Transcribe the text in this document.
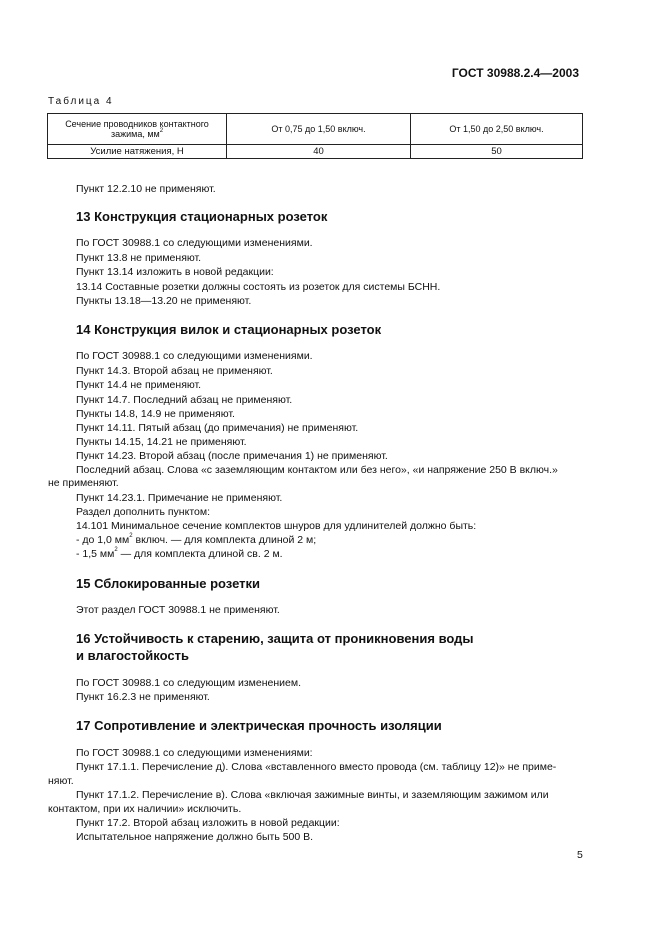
ГОСТ 30988.2.4—2003
Таблица 4
Сечение проводников контактного зажима, $мм^2$	От 0,75 до 1,50 включ.	От 1,50 до 2,50 включ.
Усилие натяжения, Н	40	50
Пункт 12.2.10 не применяют.
13 Конструкция стационарных розеток
По ГОСТ 30988.1 со следующими изменениями.
Пункт 13.8 не применяют.
Пункт 13.14 изложить в новой редакции:
13.14 Составные розетки должны состоять из розеток для системы БСНН.
Пункты 13.18—13.20 не применяют.
14 Конструкция вилок и стационарных розеток
По ГОСТ 30988.1 со следующими изменениями.
Пункт 14.3. Второй абзац не применяют.
Пункт 14.4 не применяют.
Пункт 14.7. Последний абзац не применяют.
Пункты 14.8, 14.9 не применяют.
Пункт 14.11. Пятый абзац (до примечания) не применяют.
Пункты 14.15, 14.21 не применяют.
Пункт 14.23. Второй абзац (после примечания 1) не применяют.
Последний абзац. Слова «с заземляющим контактом или без него», «и напряжение 250 В включ.»
не применяют.
Пункт 14.23.1. Примечание не применяют.
Раздел дополнить пунктом:
14.101 Минимальное сечение комплектов шнуров для удлинителей должно быть:
- до 1,0 $мм^2$ включ. — для комплекта длиной 2 м;
- 1,5 $мм^2$ — для комплекта длиной св. 2 м.
15 Сблокированные розетки
Этот раздел ГОСТ 30988.1 не применяют.
16 Устойчивость к старению, защита от проникновения воды
и влагостойкость
По ГОСТ 30988.1 со следующим изменением.
Пункт 16.2.3 не применяют.
17 Сопротивление и электрическая прочность изоляции
По ГОСТ 30988.1 со следующими изменениями:
Пункт 17.1.1. Перечисление д). Слова «вставленного вместо провода (см. таблицу 12)» не приме-
няют.
Пункт 17.1.2. Перечисление в). Слова «включая зажимные винты, и заземляющим зажимом или
контактом, при их наличии» исключить.
Пункт 17.2. Второй абзац изложить в новой редакции:
Испытательное напряжение должно быть 500 В.
5
